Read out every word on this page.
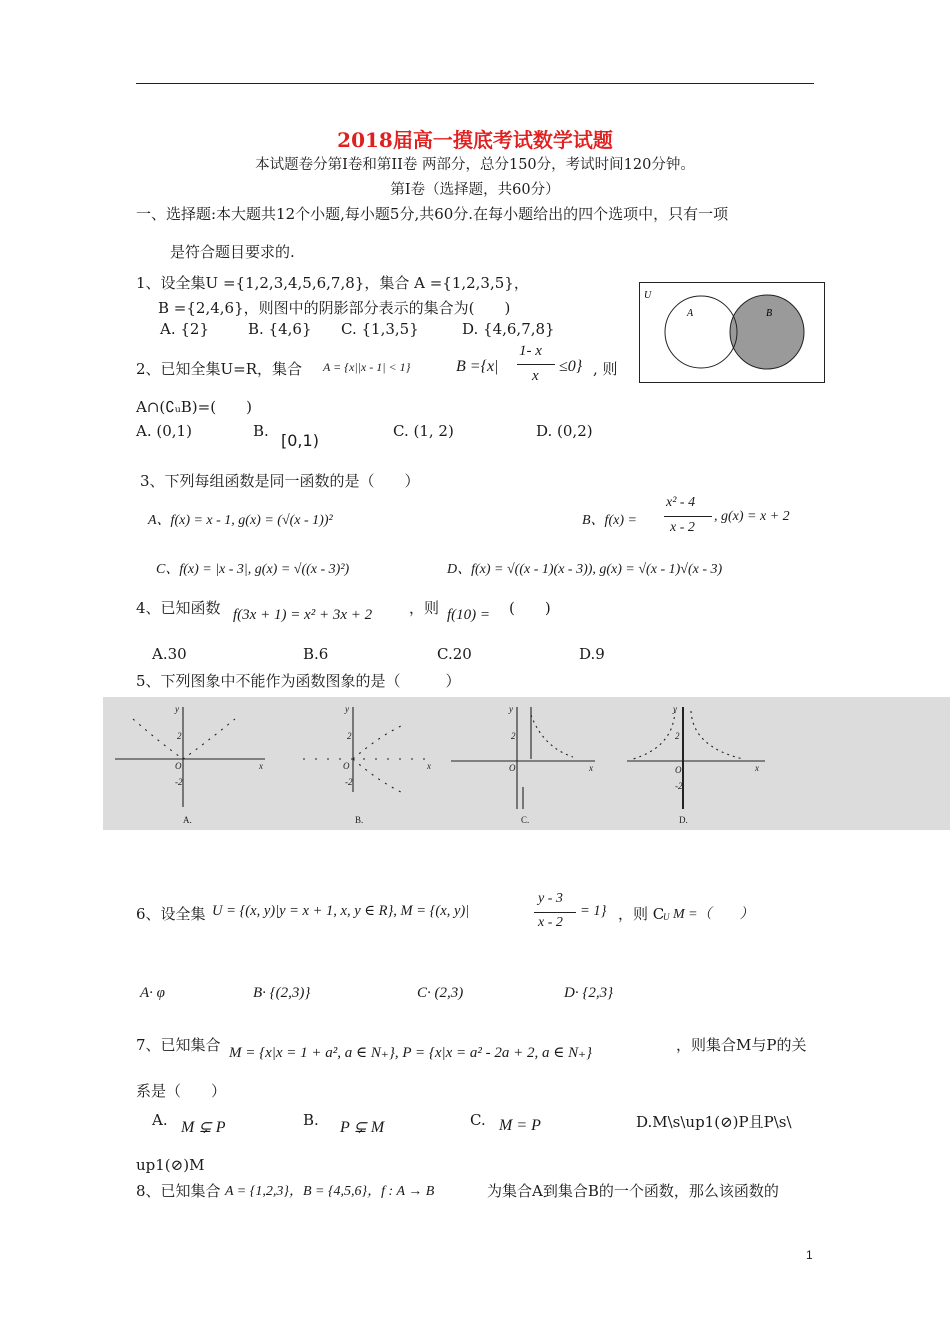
2018届高一摸底考试数学试题
本试题卷分第Ⅰ卷和第II卷 两部分，总分150分，考试时间120分钟。
第Ⅰ卷（选择题，共60分）
一、选择题:本大题共12个小题,每小题5分,共60分.在每小题给出的四个选项中，只有一项
是符合题目要求的.
1、设全集U ={1,2,3,4,5,6,7,8}，集合 A ={1,2,3,5}，
B ={2,4,6}，则图中的阴影部分表示的集合为(　　)
A. {2}	B. {4,6} C. {1,3,5}	D. {4,6,7,8}
U
A	B
2、已知全集U=R，集合 A = {x||x - 1| < 1}	B ={x|
1- x
x
≤0} , 则
A∩(∁ᵤB)=(　　)
A. (0,1)	B. [0,1)	C. (1, 2)	D. (0,2)
3、下列每组函数是同一函数的是（　　）
A、f(x) = x - 1, g(x) = (√(x - 1))²	B、f(x) =
x² - 4
x - 2
, g(x) = x + 2
C、f(x) = |x - 3|, g(x) = √((x - 3)²)	D、f(x) = √((x - 1)(x - 3)), g(x) = √(x - 1)√(x - 3)
4、已知函数 f(3x + 1) = x² + 3x + 2 ，则 f(10) = (　　)
A.30	B.6	C.20	D.9
5、下列图象中不能作为函数图象的是（　　　）
y
x
O
2
-2
A.
y
x
O
2
-2
B.
y
x
O
2
C.
y
x
O
2
-2
D.
6、设全集 U = {(x, y)|y = x + 1, x, y ∈ R}, M = {(x, y)|
y - 3
x - 2
= 1} ，则 C
U M =（　　）
A· φ	B· {(2,3)}	C· (2,3)	D· {2,3}
7、已知集合 M = {x|x = 1 + a², a ∈ N₊}, P = {x|x = a² - 2a + 2, a ∈ N₊}	，则集合M与P的关
系是（　　）
A. M ⊊ P	B. P ⊊ M	C. M = P	D.M\s\up1(⊘)P且P\s\
up1(⊘)M
8、已知集合 A = {1,2,3}，B = {4,5,6}，f : A → B	为集合A到集合B的一个函数，那么该函数的
1
